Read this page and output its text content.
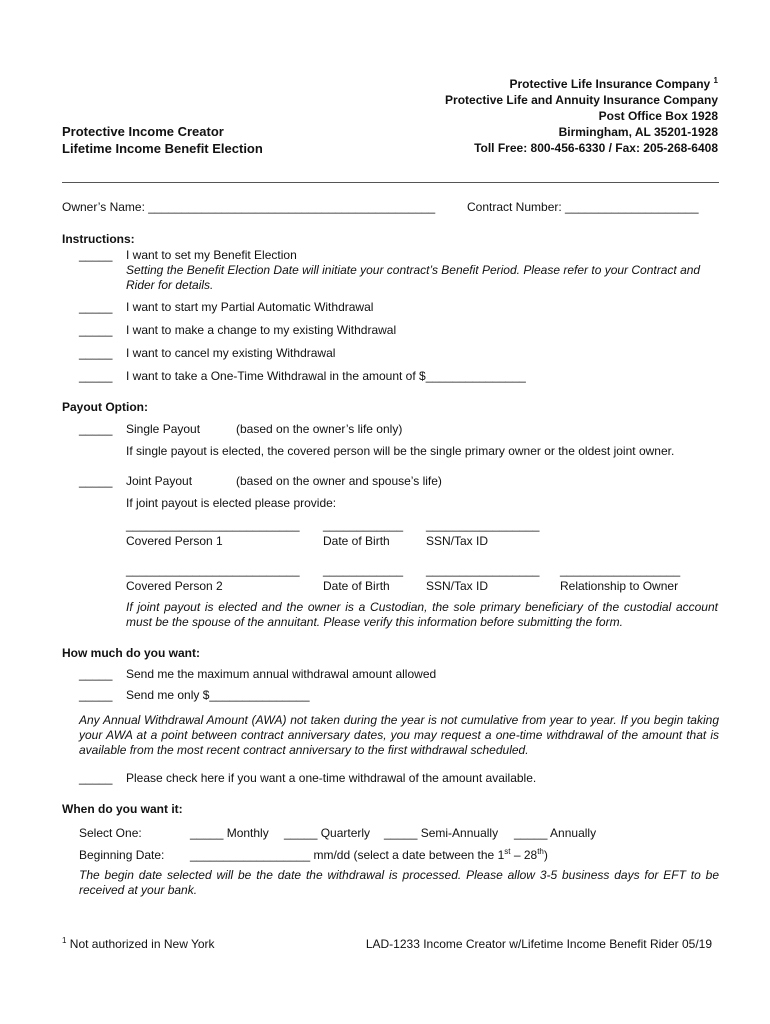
Protective Life Insurance Company $^1$
Protective Life and Annuity Insurance Company
Post Office Box 1928
Birmingham, AL 35201-1928
Toll Free: 800-456-6330 / Fax: 205-268-6408
Protective Income Creator
Lifetime Income Benefit Election
Owner’s Name: ___________________________________________	Contract Number: ____________________
Instructions:
_____ I want to set my Benefit Election
Setting the Benefit Election Date will initiate your contract’s Benefit Period. Please refer to your Contract and Rider for details.
_____ I want to start my Partial Automatic Withdrawal
_____ I want to make a change to my existing Withdrawal
_____ I want to cancel my existing Withdrawal
_____ I want to take a One-Time Withdrawal in the amount of $_______________
Payout Option:
_____ Single Payout	(based on the owner’s life only)
If single payout is elected, the covered person will be the single primary owner or the oldest joint owner.
_____ Joint Payout	(based on the owner and spouse’s life)
If joint payout is elected please provide:
__________________________ ____________ _________________
Covered Person 1	Date of Birth	SSN/Tax ID
__________________________ ____________ _________________ __________________
Covered Person 2	Date of Birth	SSN/Tax ID	Relationship to Owner
If joint payout is elected and the owner is a Custodian, the sole primary beneficiary of the custodial account must be the spouse of the annuitant. Please verify this information before submitting the form.
How much do you want:
_____ Send me the maximum annual withdrawal amount allowed
_____ Send me only $_______________
Any Annual Withdrawal Amount (AWA) not taken during the year is not cumulative from year to year. If you begin taking your AWA at a point between contract anniversary dates, you may request a one-time withdrawal of the amount that is available from the most recent contract anniversary to the first withdrawal scheduled.
_____ Please check here if you want a one-time withdrawal of the amount available.
When do you want it:
Select One:	_____ Monthly _____ Quarterly _____ Semi-Annually _____ Annually
Beginning Date: __________________ mm/dd (select a date between the 1st – 28th)
The begin date selected will be the date the withdrawal is processed. Please allow 3-5 business days for EFT to be received at your bank.
$^1$ Not authorized in New York	LAD-1233 Income Creator w/Lifetime Income Benefit Rider 05/19
